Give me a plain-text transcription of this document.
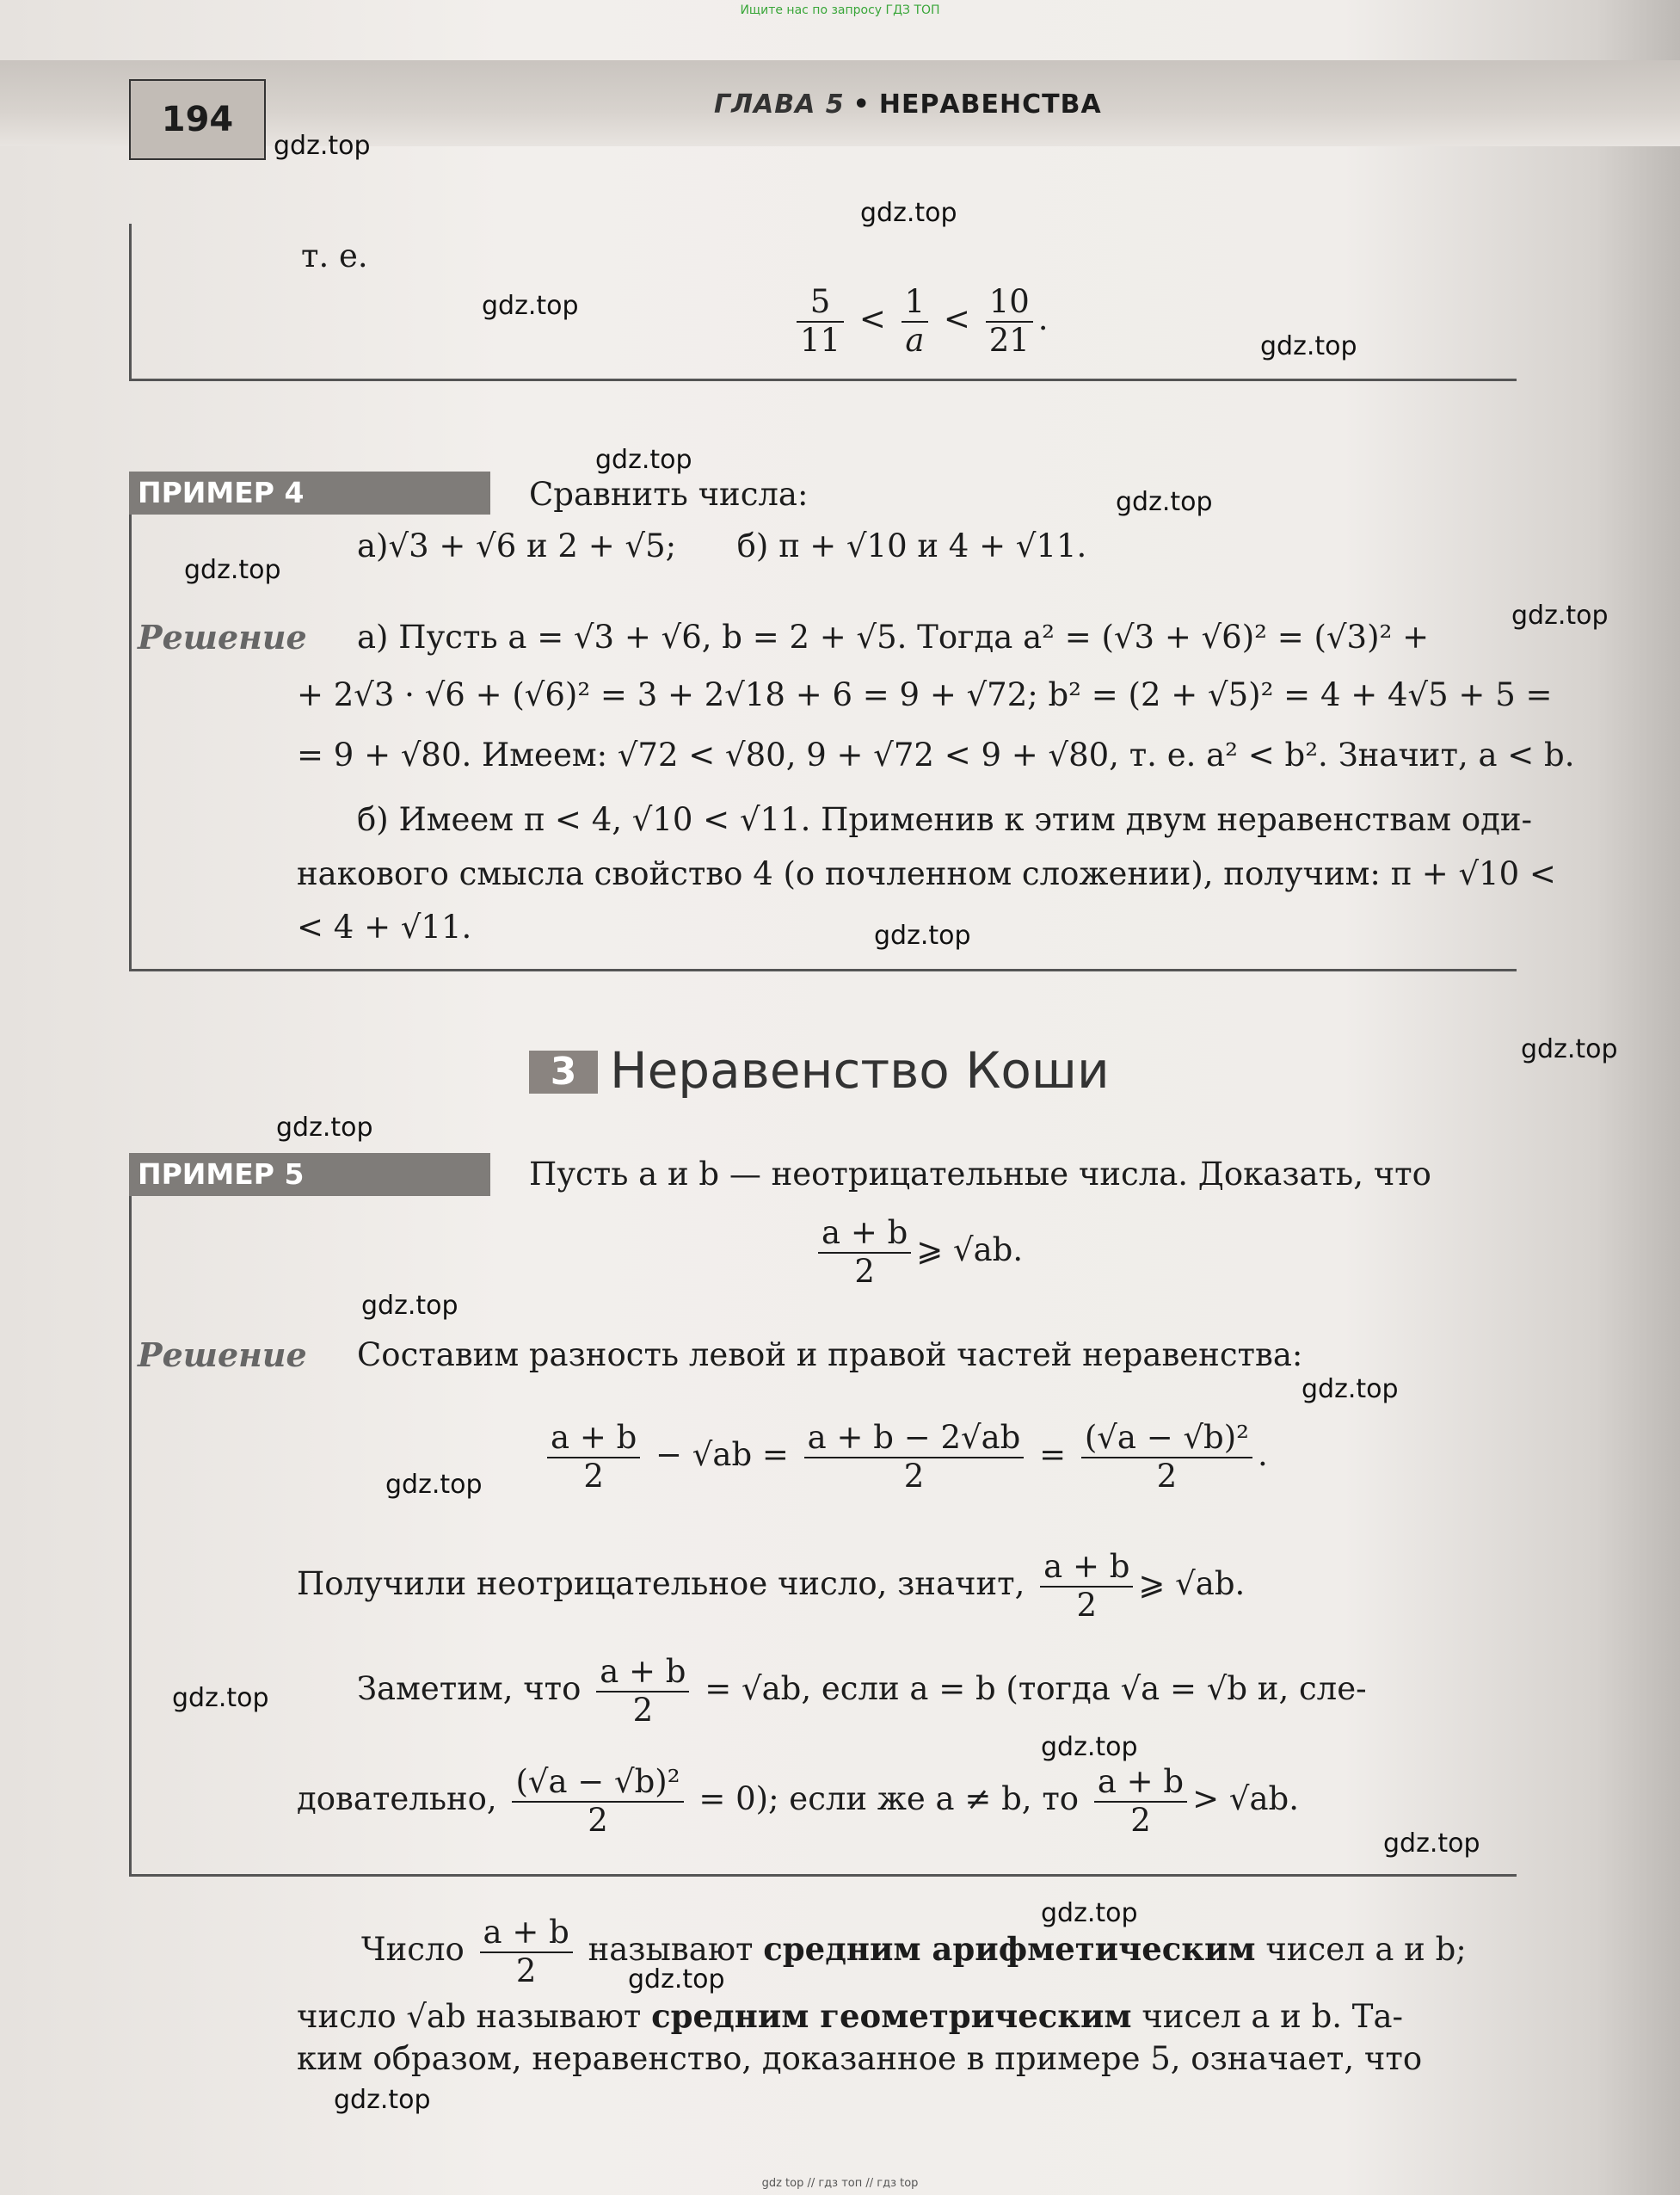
Ищите нас по запросу ГДЗ ТОП
194	ГЛАВА 5 • НЕРАВЕНСТВА
т. е.
$\frac{5}{11} < \frac{1}{a} < \frac{10}{21}$ .
ПРИМЕР 4	Сравнить числа:
а)√3 + √6 и 2 + √5;      б) π + √10 и 4 + √11.
Решение а) Пусть a = √3 + √6, b = 2 + √5. Тогда a² = (√3 + √6)² = (√3)² +
+ 2√3 · √6 + (√6)² = 3 + 2√18 + 6 = 9 + √72; b² = (2 + √5)² = 4 + 4√5 + 5 =
= 9 + √80. Имеем: √72 < √80, 9 + √72 < 9 + √80, т. е. a² < b². Значит, a < b.
б) Имеем π < 4, √10 < √11. Применив к этим двум неравенствам оди-
накового смысла свойство 4 (о почленном сложении), получим: π + √10 <
< 4 + √11.
3 Неравенство Коши
ПРИМЕР 5	Пусть a и b — неотрицательные числа. Доказать, что
$\frac{a + b}{2}$ ⩾ √ab.
Решение Составим разность левой и правой частей неравенства:
$\frac{a + b}{2} - √ab = \frac{a + b - 2√ab}{2} = \frac{\text{(√a − √b)²}}{2}$ .
Получили неотрицательное число, значит, $\frac{a + b}{2}$ ⩾ √ab.
Заметим, что $\frac{a + b}{2} = √ab$, если a = b (тогда √a = √b и, сле-
довательно, $\frac{\text{(√a − √b)²}}{2} = 0$); если же a ≠ b, то $\frac{a + b}{2} > √ab$.
Число $\frac{a + b}{2}$ называют средним арифметическим чисел a и b;
число √ab называют средним геометрическим чисел a и b. Та-
ким образом, неравенство, доказанное в примере 5, означает, что
gdz.top
gdz.top
gdz.top
gdz.top
gdz.top
gdz.top
gdz.top
gdz.top
gdz.top
gdz.top
gdz.top
gdz.top
gdz.top
gdz.top
gdz.top
gdz.top
gdz.top
gdz.top
gdz.top
gdz.top
gdz top // гдз топ // гдз top
